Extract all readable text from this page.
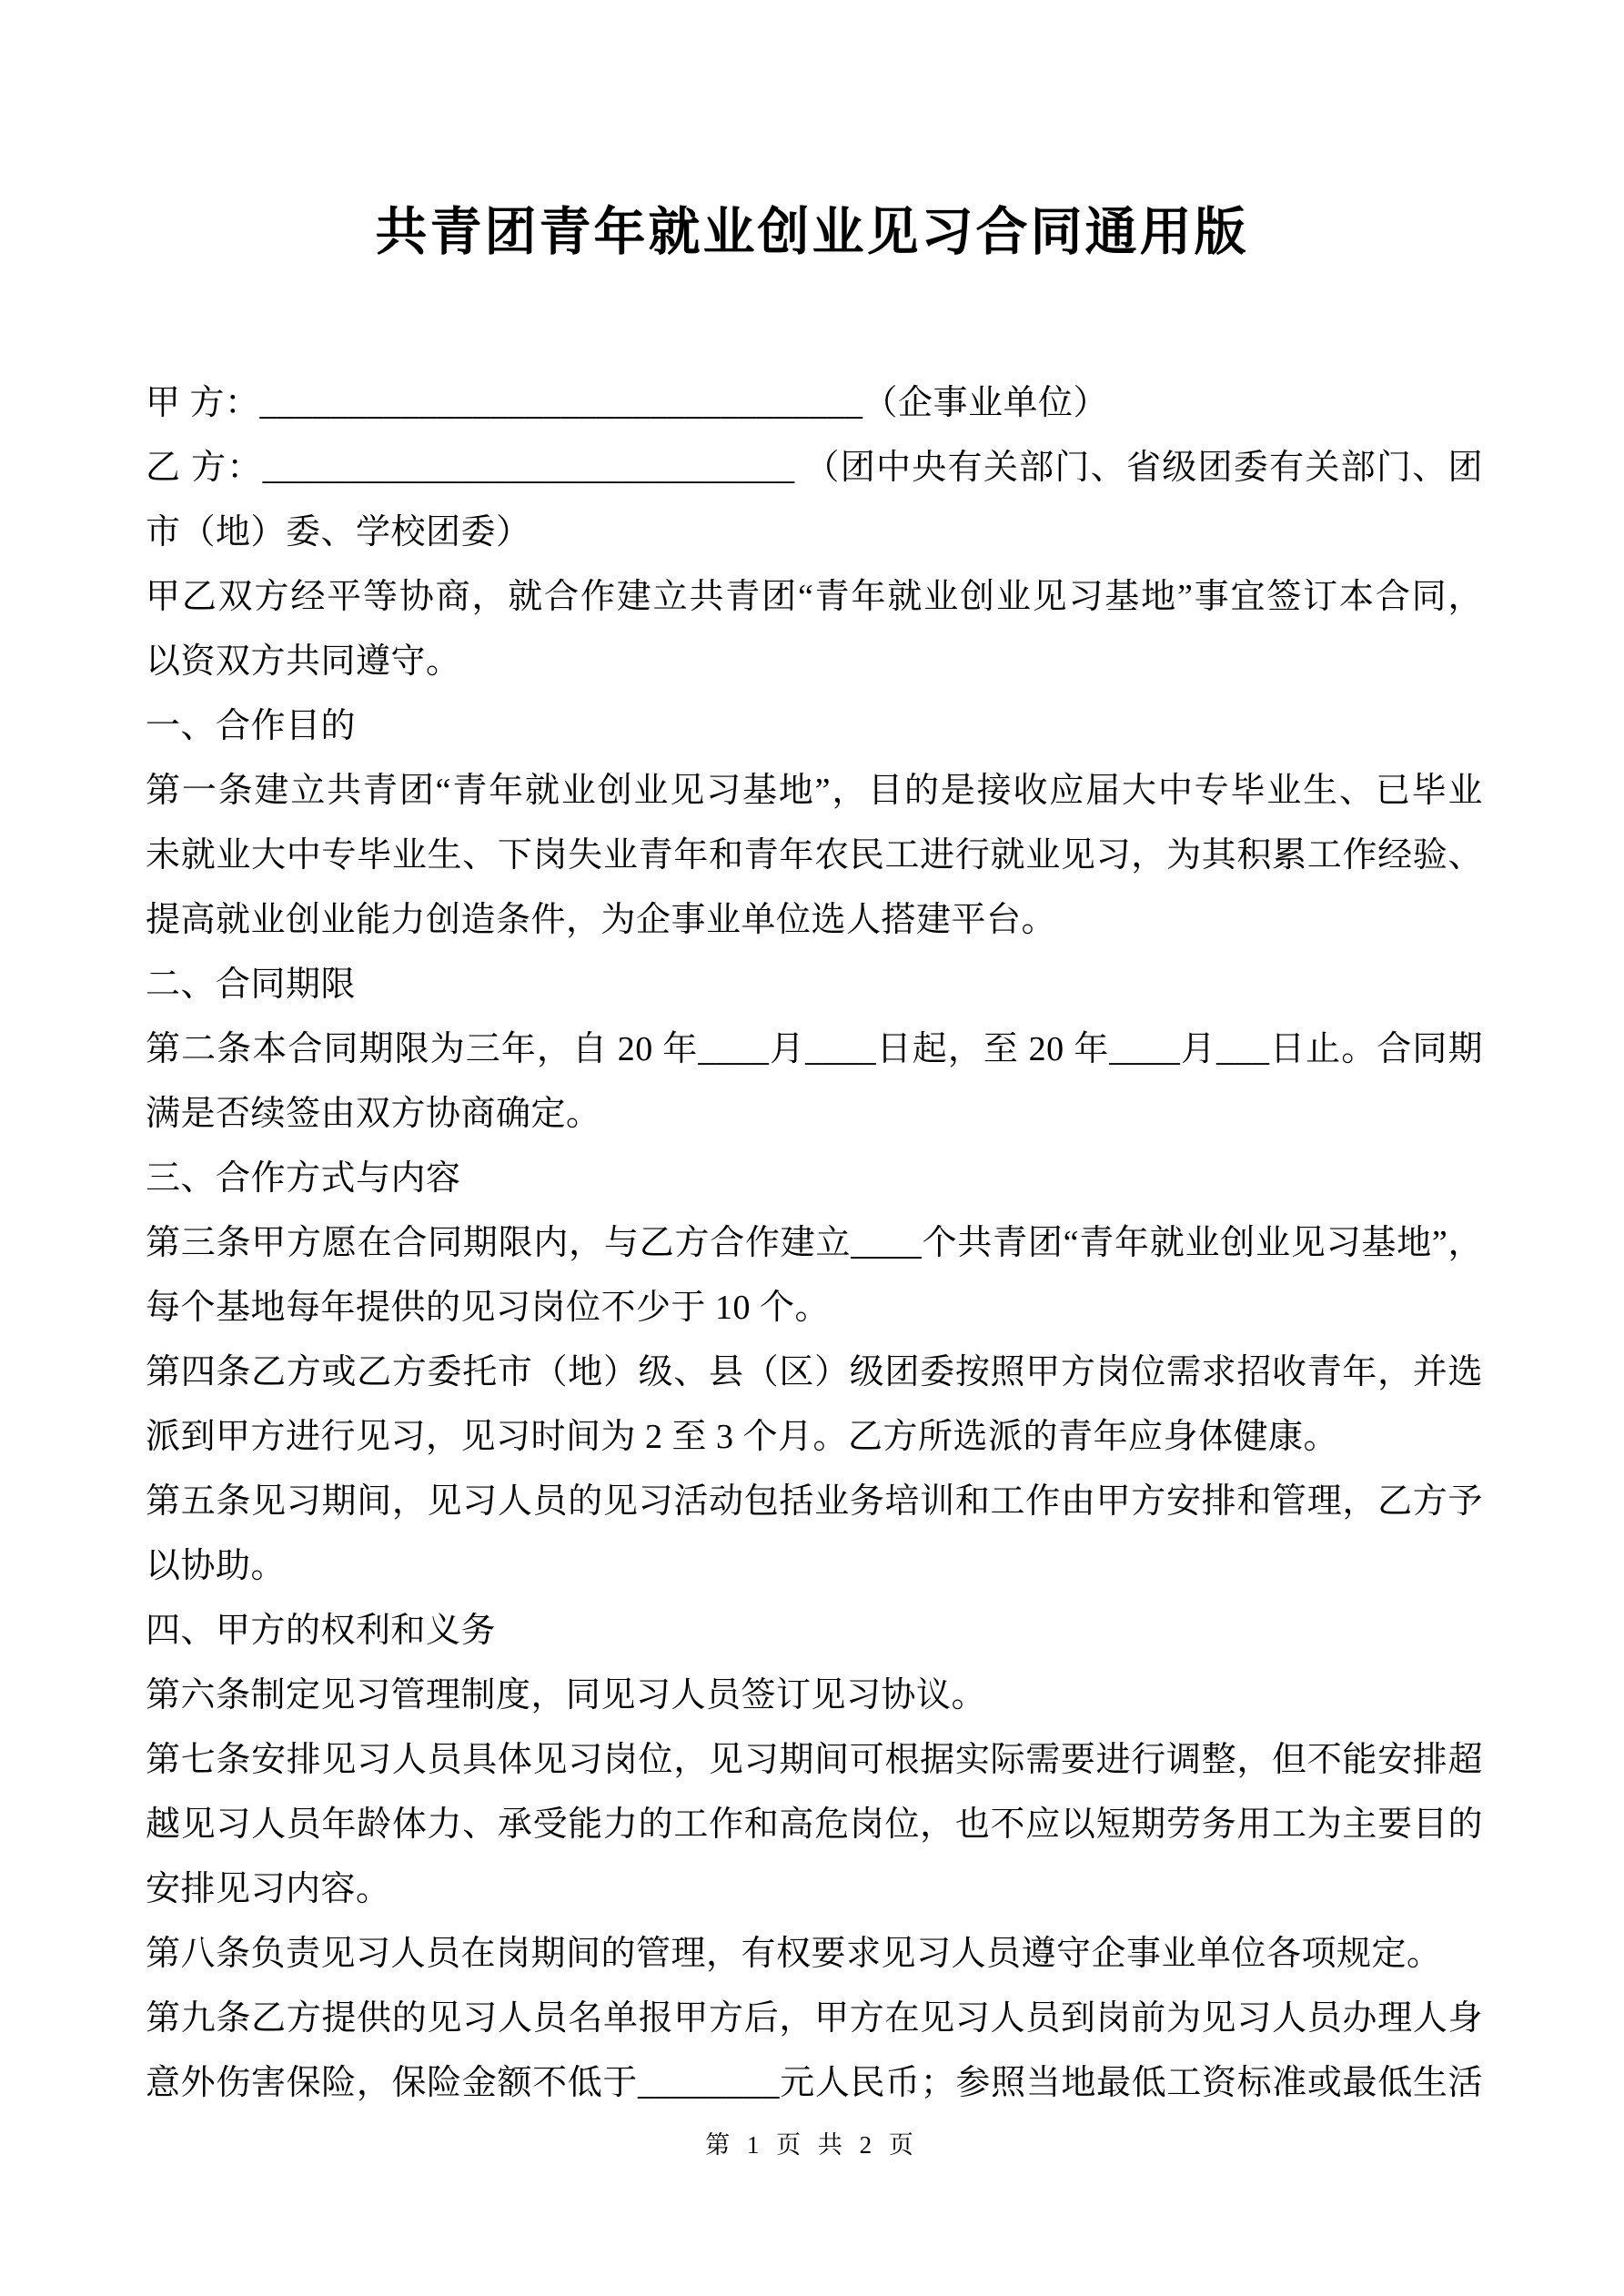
共青团青年就业创业见习合同通用版
甲 方：__________________________________（企事业单位）
乙 方：______________________________ （团中央有关部门、省级团委有关部门、团
市（地）委、学校团委）
甲乙双方经平等协商，就合作建立共青团“青年就业创业见习基地”事宜签订本合同，
以资双方共同遵守。
一、合作目的
第一条建立共青团“青年就业创业见习基地”，目的是接收应届大中专毕业生、已毕业
未就业大中专毕业生、下岗失业青年和青年农民工进行就业见习，为其积累工作经验、
提高就业创业能力创造条件，为企事业单位选人搭建平台。
二、合同期限
第二条本合同期限为三年，自 20 年____月____日起，至 20 年____月___日止。合同期
满是否续签由双方协商确定。
三、合作方式与内容
第三条甲方愿在合同期限内，与乙方合作建立____个共青团“青年就业创业见习基地”，
每个基地每年提供的见习岗位不少于 10 个。
第四条乙方或乙方委托市（地）级、县（区）级团委按照甲方岗位需求招收青年，并选
派到甲方进行见习，见习时间为 2 至 3 个月。乙方所选派的青年应身体健康。
第五条见习期间，见习人员的见习活动包括业务培训和工作由甲方安排和管理，乙方予
以协助。
四、甲方的权利和义务
第六条制定见习管理制度，同见习人员签订见习协议。
第七条安排见习人员具体见习岗位，见习期间可根据实际需要进行调整，但不能安排超
越见习人员年龄体力、承受能力的工作和高危岗位，也不应以短期劳务用工为主要目的
安排见习内容。
第八条负责见习人员在岗期间的管理，有权要求见习人员遵守企事业单位各项规定。
第九条乙方提供的见习人员名单报甲方后，甲方在见习人员到岗前为见习人员办理人身
意外伤害保险，保险金额不低于________元人民币；参照当地最低工资标准或最低生活
第 1 页 共 2 页
